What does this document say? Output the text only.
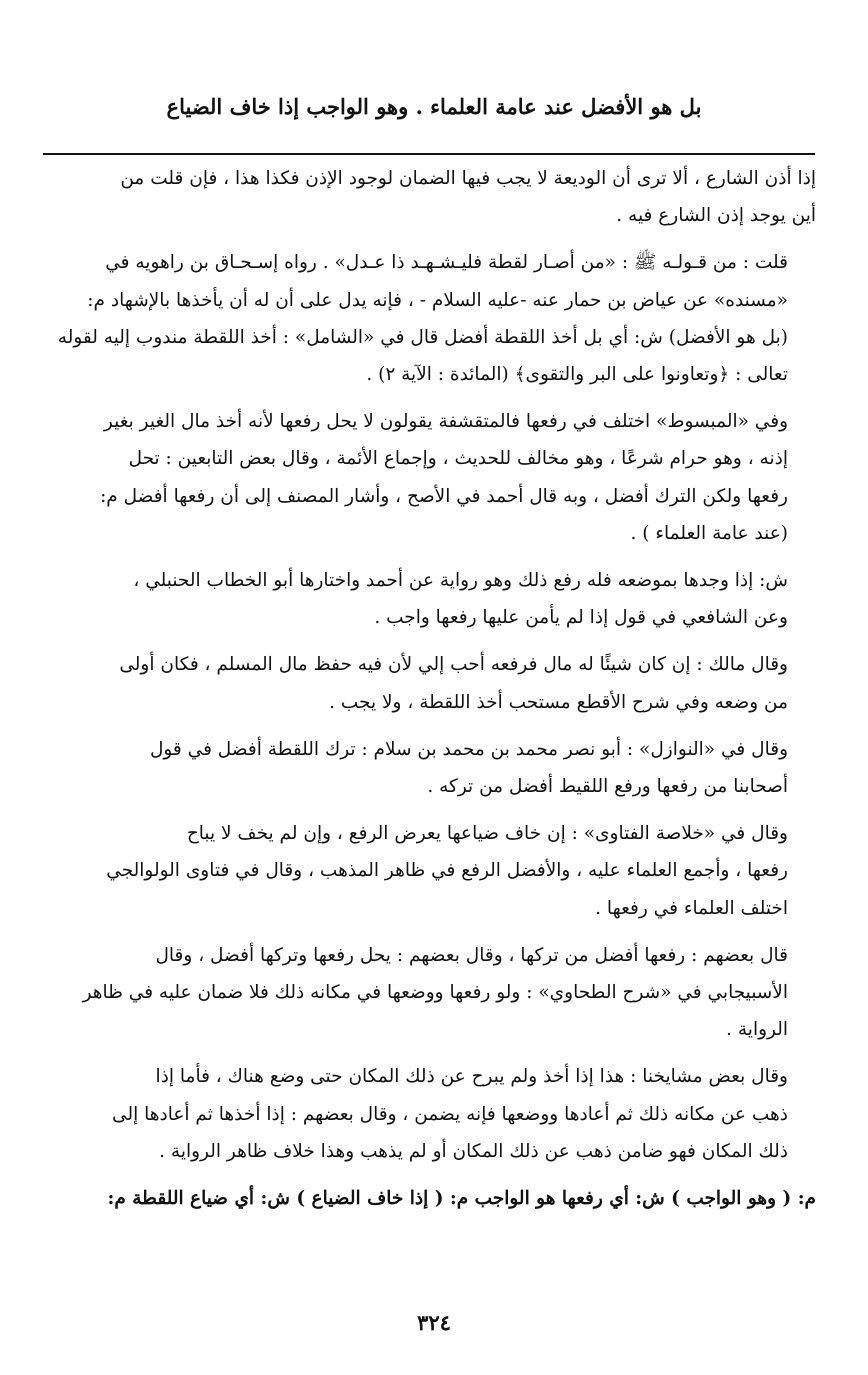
بل هو الأفضل عند عامة العلماء . وهو الواجب إذا خاف الضياع

إذا أذن الشارع ، ألا ترى أن الوديعة لا يجب فيها الضمان لوجود الإذن فكذا هذا ، فإن قلت من
أين يوجد إذن الشارع فيه .

قلت : من قـولـه ﷺ : «من أصـار لقطة فليـشـهـد ذا عـدل» . رواه إسـحـاق بن راهويه في
«مسنده» عن عياض بن حمار عنه -عليه السلام - ، فإنه يدل على أن له أن يأخذها بالإشهاد م:
(بل هو الأفضل) ش: أي بل أخذ اللقطة أفضل قال في «الشامل» : أخذ اللقطة مندوب إليه لقوله
تعالى : ﴿وتعاونوا على البر والتقوى﴾ (المائدة : الآية ٢) .

وفي «المبسوط» اختلف في رفعها فالمتقشفة يقولون لا يحل رفعها لأنه أخذ مال الغير بغير
إذنه ، وهو حرام شرعًا ، وهو مخالف للحديث ، وإجماع الأئمة ، وقال بعض التابعين : تحل
رفعها ولكن الترك أفضل ، وبه قال أحمد في الأصح ، وأشار المصنف إلى أن رفعها أفضل م:
(عند عامة العلماء ) .

ش: إذا وجدها بموضعه فله رفع ذلك وهو رواية عن أحمد واختارها أبو الخطاب الحنبلي ،
وعن الشافعي في قول إذا لم يأمن عليها رفعها واجب .

وقال مالك : إن كان شيئًا له مال فرفعه أحب إلي لأن فيه حفظ مال المسلم ، فكان أولى
من وضعه وفي شرح الأقطع مستحب أخذ اللقطة ، ولا يجب .

وقال في «النوازل» : أبو نصر محمد بن محمد بن سلام : ترك اللقطة أفضل في قول
أصحابنا من رفعها ورفع اللقيط أفضل من تركه .

وقال في «خلاصة الفتاوى» : إن خاف ضياعها يعرض الرفع ، وإن لم يخف لا يباح
رفعها ، وأجمع العلماء عليه ، والأفضل الرفع في ظاهر المذهب ، وقال في فتاوى الولوالجي
اختلف العلماء في رفعها .

قال بعضهم : رفعها أفضل من تركها ، وقال بعضهم : يحل رفعها وتركها أفضل ، وقال
الأسبيجابي في «شرح الطحاوي» : ولو رفعها ووضعها في مكانه ذلك فلا ضمان عليه في ظاهر
الرواية .

وقال بعض مشايخنا : هذا إذا أخذ ولم يبرح عن ذلك المكان حتى وضع هناك ، فأما إذا
ذهب عن مكانه ذلك ثم أعادها ووضعها فإنه يضمن ، وقال بعضهم : إذا أخذها ثم أعادها إلى
ذلك المكان فهو ضامن ذهب عن ذلك المكان أو لم يذهب وهذا خلاف ظاهر الرواية .

م: ( وهو الواجب ) ش: أي رفعها هو الواجب م: ( إذا خاف الضياع ) ش: أي ضياع اللقطة م:

٣٢٤
